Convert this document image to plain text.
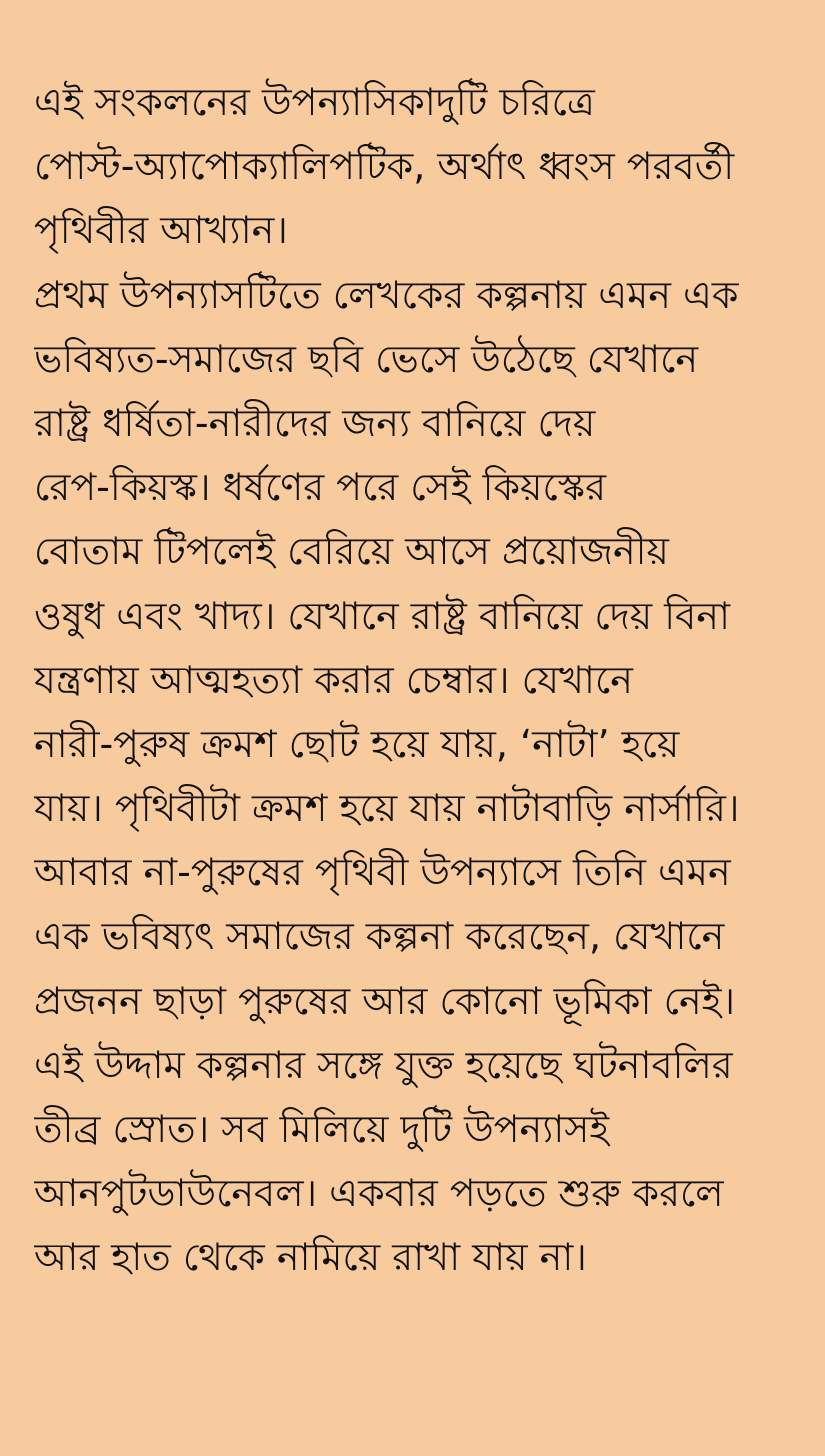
এই সংকলনের উপন্যাসিকাদুটি চরিত্রে
পোস্ট-অ্যাপোক্যালিপটিক, অর্থাৎ ধ্বংস পরবর্তী
পৃথিবীর আখ্যান।
প্রথম উপন্যাসটিতে লেখকের কল্পনায় এমন এক
ভবিষ্যত-সমাজের ছবি ভেসে উঠেছে যেখানে
রাষ্ট্র ধর্ষিতা-নারীদের জন্য বানিয়ে দেয়
রেপ-কিয়স্ক। ধর্ষণের পরে সেই কিয়স্কের
বোতাম টিপলেই বেরিয়ে আসে প্রয়োজনীয়
ওষুধ এবং খাদ্য। যেখানে রাষ্ট্র বানিয়ে দেয় বিনা
যন্ত্রণায় আত্মহত্যা করার চেম্বার। যেখানে
নারী-পুরুষ ক্রমশ ছোট হয়ে যায়, ‘নাটা’ হয়ে
যায়। পৃথিবীটা ক্রমশ হয়ে যায় নাটাবাড়ি নার্সারি।
আবার না-পুরুষের পৃথিবী উপন্যাসে তিনি এমন
এক ভবিষ্যৎ সমাজের কল্পনা করেছেন, যেখানে
প্রজনন ছাড়া পুরুষের আর কোনো ভূমিকা নেই।
এই উদ্দাম কল্পনার সঙ্গে যুক্ত হয়েছে ঘটনাবলির
তীব্র স্রোত। সব মিলিয়ে দুটি উপন্যাসই
আনপুটডাউনেবল। একবার পড়তে শুরু করলে
আর হাত থেকে নামিয়ে রাখা যায় না।
